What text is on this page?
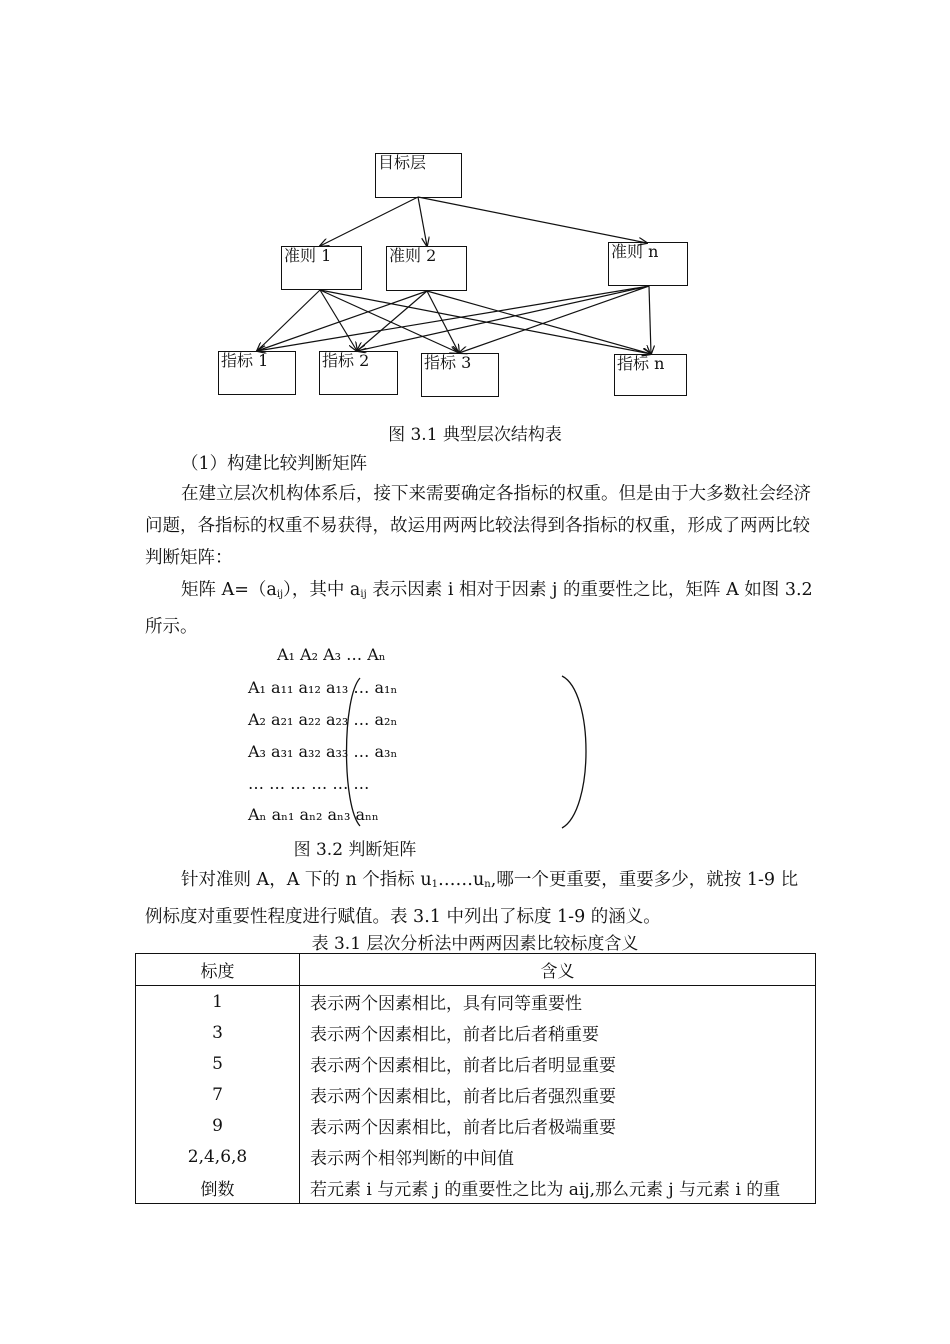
目标层
准则 1	准则 2	准则 n
指标 1	指标 2	指标 3	指标 n
图 3.1 典型层次结构表
（1）构建比较判断矩阵
在建立层次机构体系后，接下来需要确定各指标的权重。但是由于大多数社会经济问题，各指标的权重不易获得，故运用两两比较法得到各指标的权重，形成了两两比较判断矩阵：
矩阵 $A=(a_{ij})$，其中 $a_{ij}$ 表示因素 i 相对于因素 j 的重要性之比，矩阵 A 如图 3.2 所示。
A₁ A₂ A₃ … Aₙ
A₁ a₁₁ a₁₂ a₁₃ … a₁ₙ
A₂ a₂₁ a₂₂ a₂₃ … a₂ₙ
A₃ a₃₁ a₃₂ a₃₃ … a₃ₙ
… … … … … …
Aₙ aₙ₁ aₙ₂ aₙ₃ aₙₙ
图 3.2 判断矩阵
针对准则 A，A 下的 n 个指标 $u_1\dots\dots u_n$,哪一个更重要，重要多少，就按 1-9 比例标度对重要性程度进行赋值。表 3.1 中列出了标度 1-9 的涵义。
表 3.1 层次分析法中两两因素比较标度含义
标度	含义
1	表示两个因素相比，具有同等重要性
3	表示两个因素相比，前者比后者稍重要
5	表示两个因素相比，前者比后者明显重要
7	表示两个因素相比，前者比后者强烈重要
9	表示两个因素相比，前者比后者极端重要
2,4,6,8	表示两个相邻判断的中间值
倒数	若元素 i 与元素 j 的重要性之比为 aij,那么元素 j 与元素 i 的重
